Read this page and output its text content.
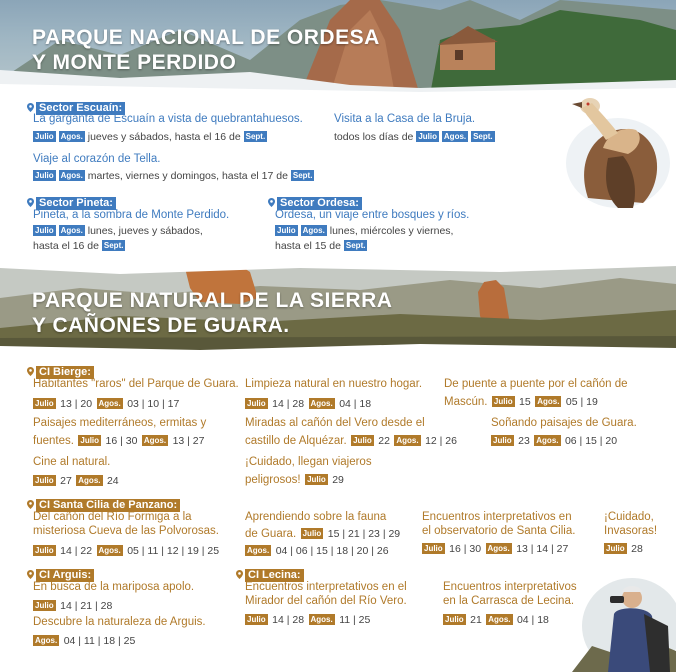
PARQUE NACIONAL DE ORDESA
Y MONTE PERDIDO
Sector Escuaín:
La garganta de Escuaín a vista de quebrantahuesos.
Julio Agos. jueves y sábados, hasta el 16 de Sept.
Viaje al corazón de Tella.
Julio Agos. martes, viernes y domingos, hasta el 17 de Sept.
Visita a la Casa de la Bruja.
todos los días de Julio Agos. Sept.
Sector Pineta:
Pineta, a la sombra de Monte Perdido.
Julio Agos. lunes, jueves y sábados,
hasta el 16 de Sept.
Sector Ordesa:
Ordesa, un viaje entre bosques y ríos.
Julio Agos. lunes, miércoles y viernes,
hasta el 15 de Sept.
PARQUE NATURAL DE LA SIERRA
Y CAÑONES DE GUARA.
CI Bierge:
Habitantes "raros" del Parque de Guara.
Julio 13 | 20 Agos. 03 | 10 | 17
Limpieza natural en nuestro hogar.
Julio 14 | 28 Agos. 04 | 18
De puente a puente por el cañón de
Mascún. Julio 15 Agos. 05 | 19
Paisajes mediterráneos, ermitas y
fuentes. Julio 16 | 30 Agos. 13 | 27
Miradas al cañón del Vero desde el
castillo de Alquézar. Julio 22 Agos. 12 | 26
Soñando paisajes de Guara.
Julio 23 Agos. 06 | 15 | 20
Cine al natural.
Julio 27 Agos. 24
¡Cuidado, llegan viajeros
peligrosos! Julio 29
CI Santa Cilia de Panzano:
Del cañón del Río Formiga a la
misteriosa Cueva de las Polvorosas.
Julio 14 | 22 Agos. 05 | 11 | 12 | 19 | 25
Aprendiendo sobre la fauna
de Guara. Julio 15 | 21 | 23 | 29
Agos. 04 | 06 | 15 | 18 | 20 | 26
Encuentros interpretativos en
el observatorio de Santa Cilia.
Julio 16 | 30 Agos. 13 | 14 | 27
¡Cuidado,
Invasoras!
Julio 28
CI Arguis:
En busca de la mariposa apolo.
Julio 14 | 21 | 28
Descubre la naturaleza de Arguis.
Agos. 04 | 11 | 18 | 25
CI Lecina:
Encuentros interpretativos en el
Mirador del cañón del Río Vero.
Julio 14 | 28 Agos. 11 | 25
Encuentros interpretativos
en la Carrasca de Lecina.
Julio 21 Agos. 04 | 18
